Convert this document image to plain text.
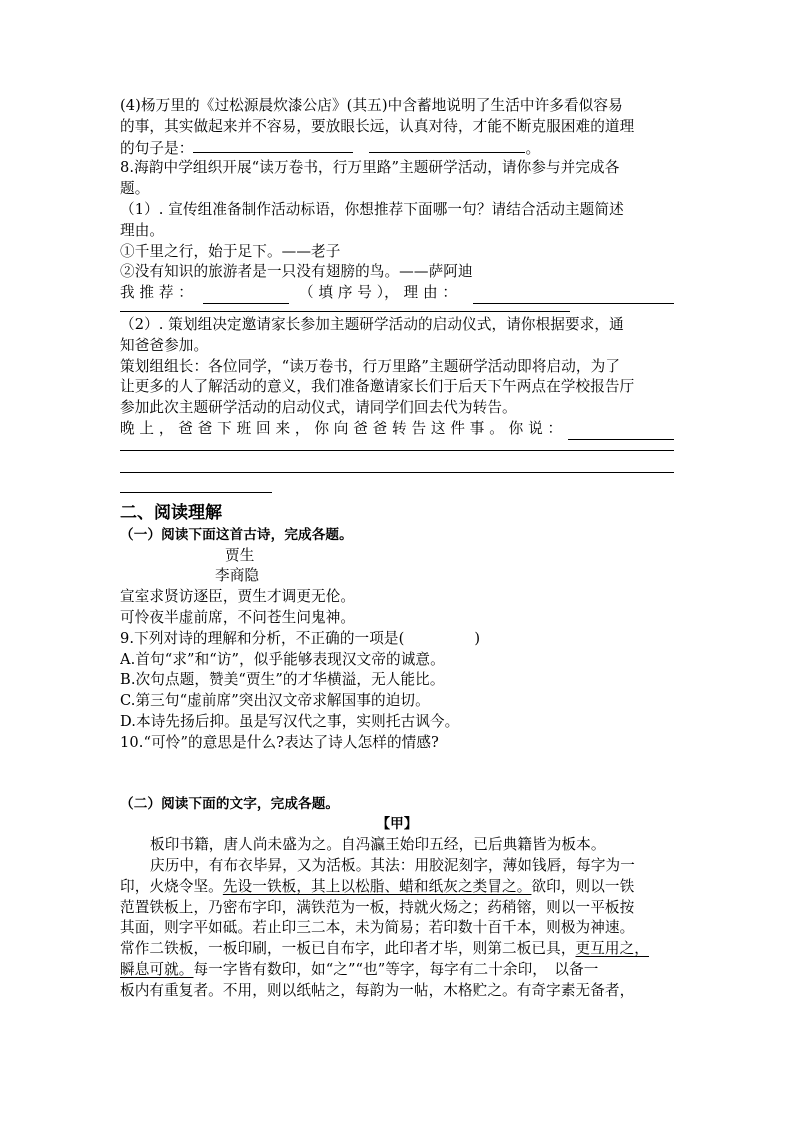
(4)杨万里的《过松源晨炊漆公店》(其五)中含蓄地说明了生活中许多看似容易
的事，其实做起来并不容易，要放眼长远，认真对待，才能不断克服困难的道理
的句子是：	。
8.海韵中学组织开展“读万卷书，行万里路”主题研学活动，请你参与并完成各
题。
（1）. 宣传组准备制作活动标语，你想推荐下面哪一句？请结合活动主题简述
理由。
①千里之行，始于足下。——老子
②没有知识的旅游者是一只没有翅膀的鸟。——萨阿迪
我 推 荐 ：	（ 填 序 号 ）， 理 由 ：
（2）. 策划组决定邀请家长参加主题研学活动的启动仪式，请你根据要求，通
知爸爸参加。
策划组组长：各位同学，“读万卷书，行万里路”主题研学活动即将启动，为了
让更多的人了解活动的意义，我们准备邀请家长们于后天下午两点在学校报告厅
参加此次主题研学活动的启动仪式，请同学们回去代为转告。
晚 上 ， 爸 爸 下 班 回 来 ， 你 向 爸 爸 转 告 这 件 事 。 你 说 ：
二、阅读理解
（一）阅读下面这首古诗，完成各题。
贾生
李商隐
宣室求贤访逐臣，贾生才调更无伦。
可怜夜半虚前席，不问苍生问鬼神。
9.下列对诗的理解和分析，不正确的一项是(	)
A.首句“求”和“访”，似乎能够表现汉文帝的诚意。
B.次句点题，赞美“贾生”的才华横溢，无人能比。
C.第三句“虚前席”突出汉文帝求解国事的迫切。
D.本诗先扬后抑。虽是写汉代之事，实则托古讽今。
10.“可怜”的意思是什么?表达了诗人怎样的情感?
（二）阅读下面的文字，完成各题。
【甲】
板印书籍，唐人尚未盛为之。自冯瀛王始印五经，已后典籍皆为板本。
庆历中，有布衣毕昇，又为活板。其法：用胶泥刻字，薄如钱唇，每字为一
印，火烧令坚。先设一铁板，其上以松脂、蜡和纸灰之类冒之。欲印，则以一铁
范置铁板上，乃密布字印，满铁范为一板，持就火炀之；药稍镕，则以一平板按
其面，则字平如砥。若止印三二本，未为简易；若印数十百千本，则极为神速。
常作二铁板，一板印刷，一板已自布字，此印者才毕，则第二板已具，更互用之，
瞬息可就。每一字皆有数印，如“之”“也”等字，每字有二十余印，　以备一
板内有重复者。不用，则以纸帖之，每韵为一帖，木格贮之。有奇字素无备者，
